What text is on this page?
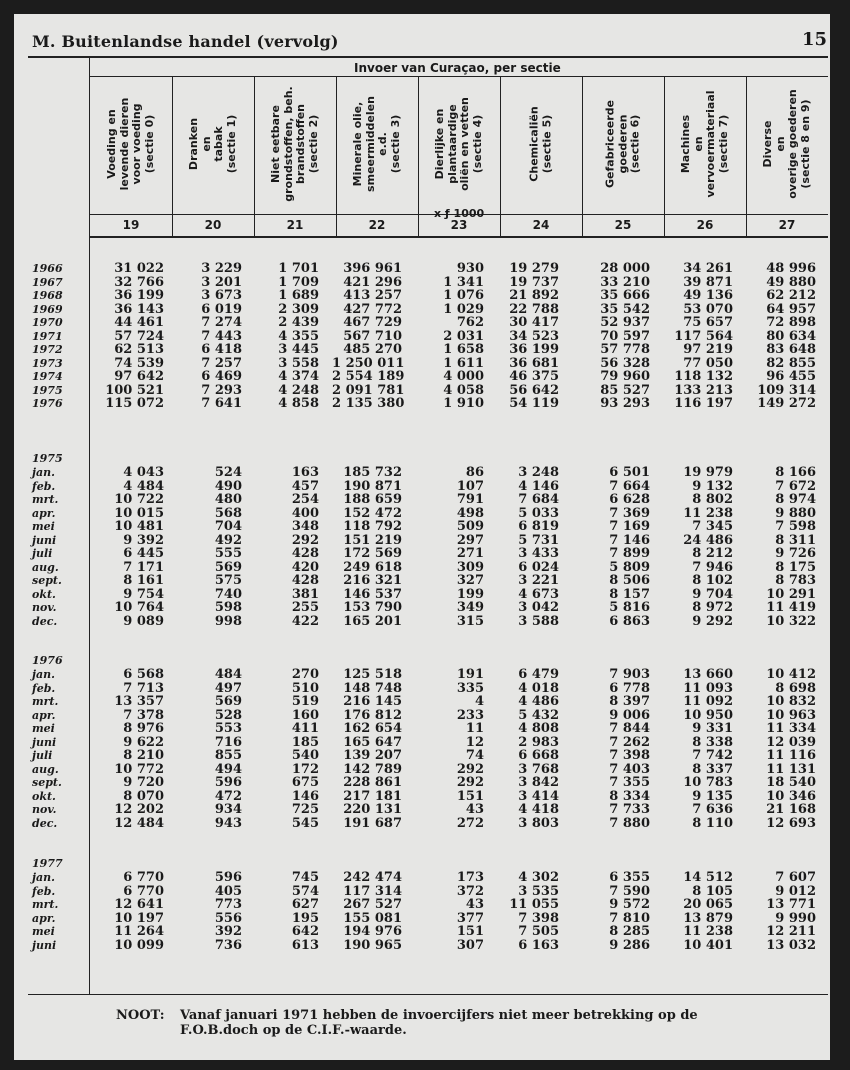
M. Buitenlandse handel (vervolg)	15
Invoer van Curaçao, per sectie
x ƒ 1000
NOOT: Vanaf januari 1971 hebben de invoercijfers niet meer betrekking op de F.O.B.doch op de C.I.F.-waarde.
Voeding en
levende dieren
voor voeding
(sectie 0)
19
Dranken
en
tabak
(sectie 1)
20
Niet eetbare
grondstoffen, beh.
brandstoffen
(sectie 2)
21
Minerale olie,
smeermiddelen
e.d.
(sectie 3)
22
Dierlijke en
plantaardige
oliën en vetten
(sectie 4)
23
Chemicaliën
(sectie 5)
24
Gefabriceerde
goederen
(sectie 6)
25
Machines
en
vervoermateriaal
(sectie 7)
26
Diverse
en
overige goederen
(sectie 8 en 9)
27
1966
1967
1968
1969
1970
1971
1972
1973
1974
1975
1976
31 022
32 766
36 199
36 143
44 461
57 724
62 513
74 539
97 642
100 521
115 072
3 229
3 201
3 673
6 019
7 274
7 443
6 418
7 257
6 469
7 293
7 641
1 701
1 709
1 689
2 309
2 439
4 355
3 445
3 558
4 374
4 248
4 858
396 961
421 296
413 257
427 772
467 729
567 710
485 270
1 250 011
2 554 189
2 091 781
2 135 380
930
1 341
1 076
1 029
762
2 031
1 658
1 611
4 000
4 058
1 910
19 279
19 737
21 892
22 788
30 417
34 523
36 199
36 681
46 375
56 642
54 119
28 000
33 210
35 666
35 542
52 937
70 597
57 778
56 328
79 960
85 527
93 293
34 261
39 871
49 136
53 070
75 657
117 564
97 219
77 050
118 132
133 213
116 197
48 996
49 880
62 212
64 957
72 898
80 634
83 648
82 855
96 455
109 314
149 272
1975
jan.
feb.
mrt.
apr.
mei
juni
juli
aug.
sept.
okt.
nov.
dec.
4 043
4 484
10 722
10 015
10 481
9 392
6 445
7 171
8 161
9 754
10 764
9 089
524
490
480
568
704
492
555
569
575
740
598
998
163
457
254
400
348
292
428
420
428
381
255
422
185 732
190 871
188 659
152 472
118 792
151 219
172 569
249 618
216 321
146 537
153 790
165 201
86
107
791
498
509
297
271
309
327
199
349
315
3 248
4 146
7 684
5 033
6 819
5 731
3 433
6 024
3 221
4 673
3 042
3 588
6 501
7 664
6 628
7 369
7 169
7 146
7 899
5 809
8 506
8 157
5 816
6 863
19 979
9 132
8 802
11 238
7 345
24 486
8 212
7 946
8 102
9 704
8 972
9 292
8 166
7 672
8 974
9 880
7 598
8 311
9 726
8 175
8 783
10 291
11 419
10 322
1976
jan.
feb.
mrt.
apr.
mei
juni
juli
aug.
sept.
okt.
nov.
dec.
6 568
7 713
13 357
7 378
8 976
9 622
8 210
10 772
9 720
8 070
12 202
12 484
484
497
569
528
553
716
855
494
596
472
934
943
270
510
519
160
411
185
540
172
675
146
725
545
125 518
148 748
216 145
176 812
162 654
165 647
139 207
142 789
228 861
217 181
220 131
191 687
191
335
4
233
11
12
74
292
292
151
43
272
6 479
4 018
4 486
5 432
4 808
2 983
6 668
3 768
3 842
3 414
4 418
3 803
7 903
6 778
8 397
9 006
7 844
7 262
7 398
7 403
7 355
8 334
7 733
7 880
13 660
11 093
11 092
10 950
9 331
8 338
7 742
8 337
10 783
9 135
7 636
8 110
10 412
8 698
10 832
10 963
11 334
12 039
11 116
11 131
18 540
10 346
21 168
12 693
1977
jan.
feb.
mrt.
apr.
mei
juni
6 770
6 770
12 641
10 197
11 264
10 099
596
405
773
556
392
736
745
574
627
195
642
613
242 474
117 314
267 527
155 081
194 976
190 965
173
372
43
377
151
307
4 302
3 535
11 055
7 398
7 505
6 163
6 355
7 590
9 572
7 810
8 285
9 286
14 512
8 105
20 065
13 879
11 238
10 401
7 607
9 012
13 771
9 990
12 211
13 032
